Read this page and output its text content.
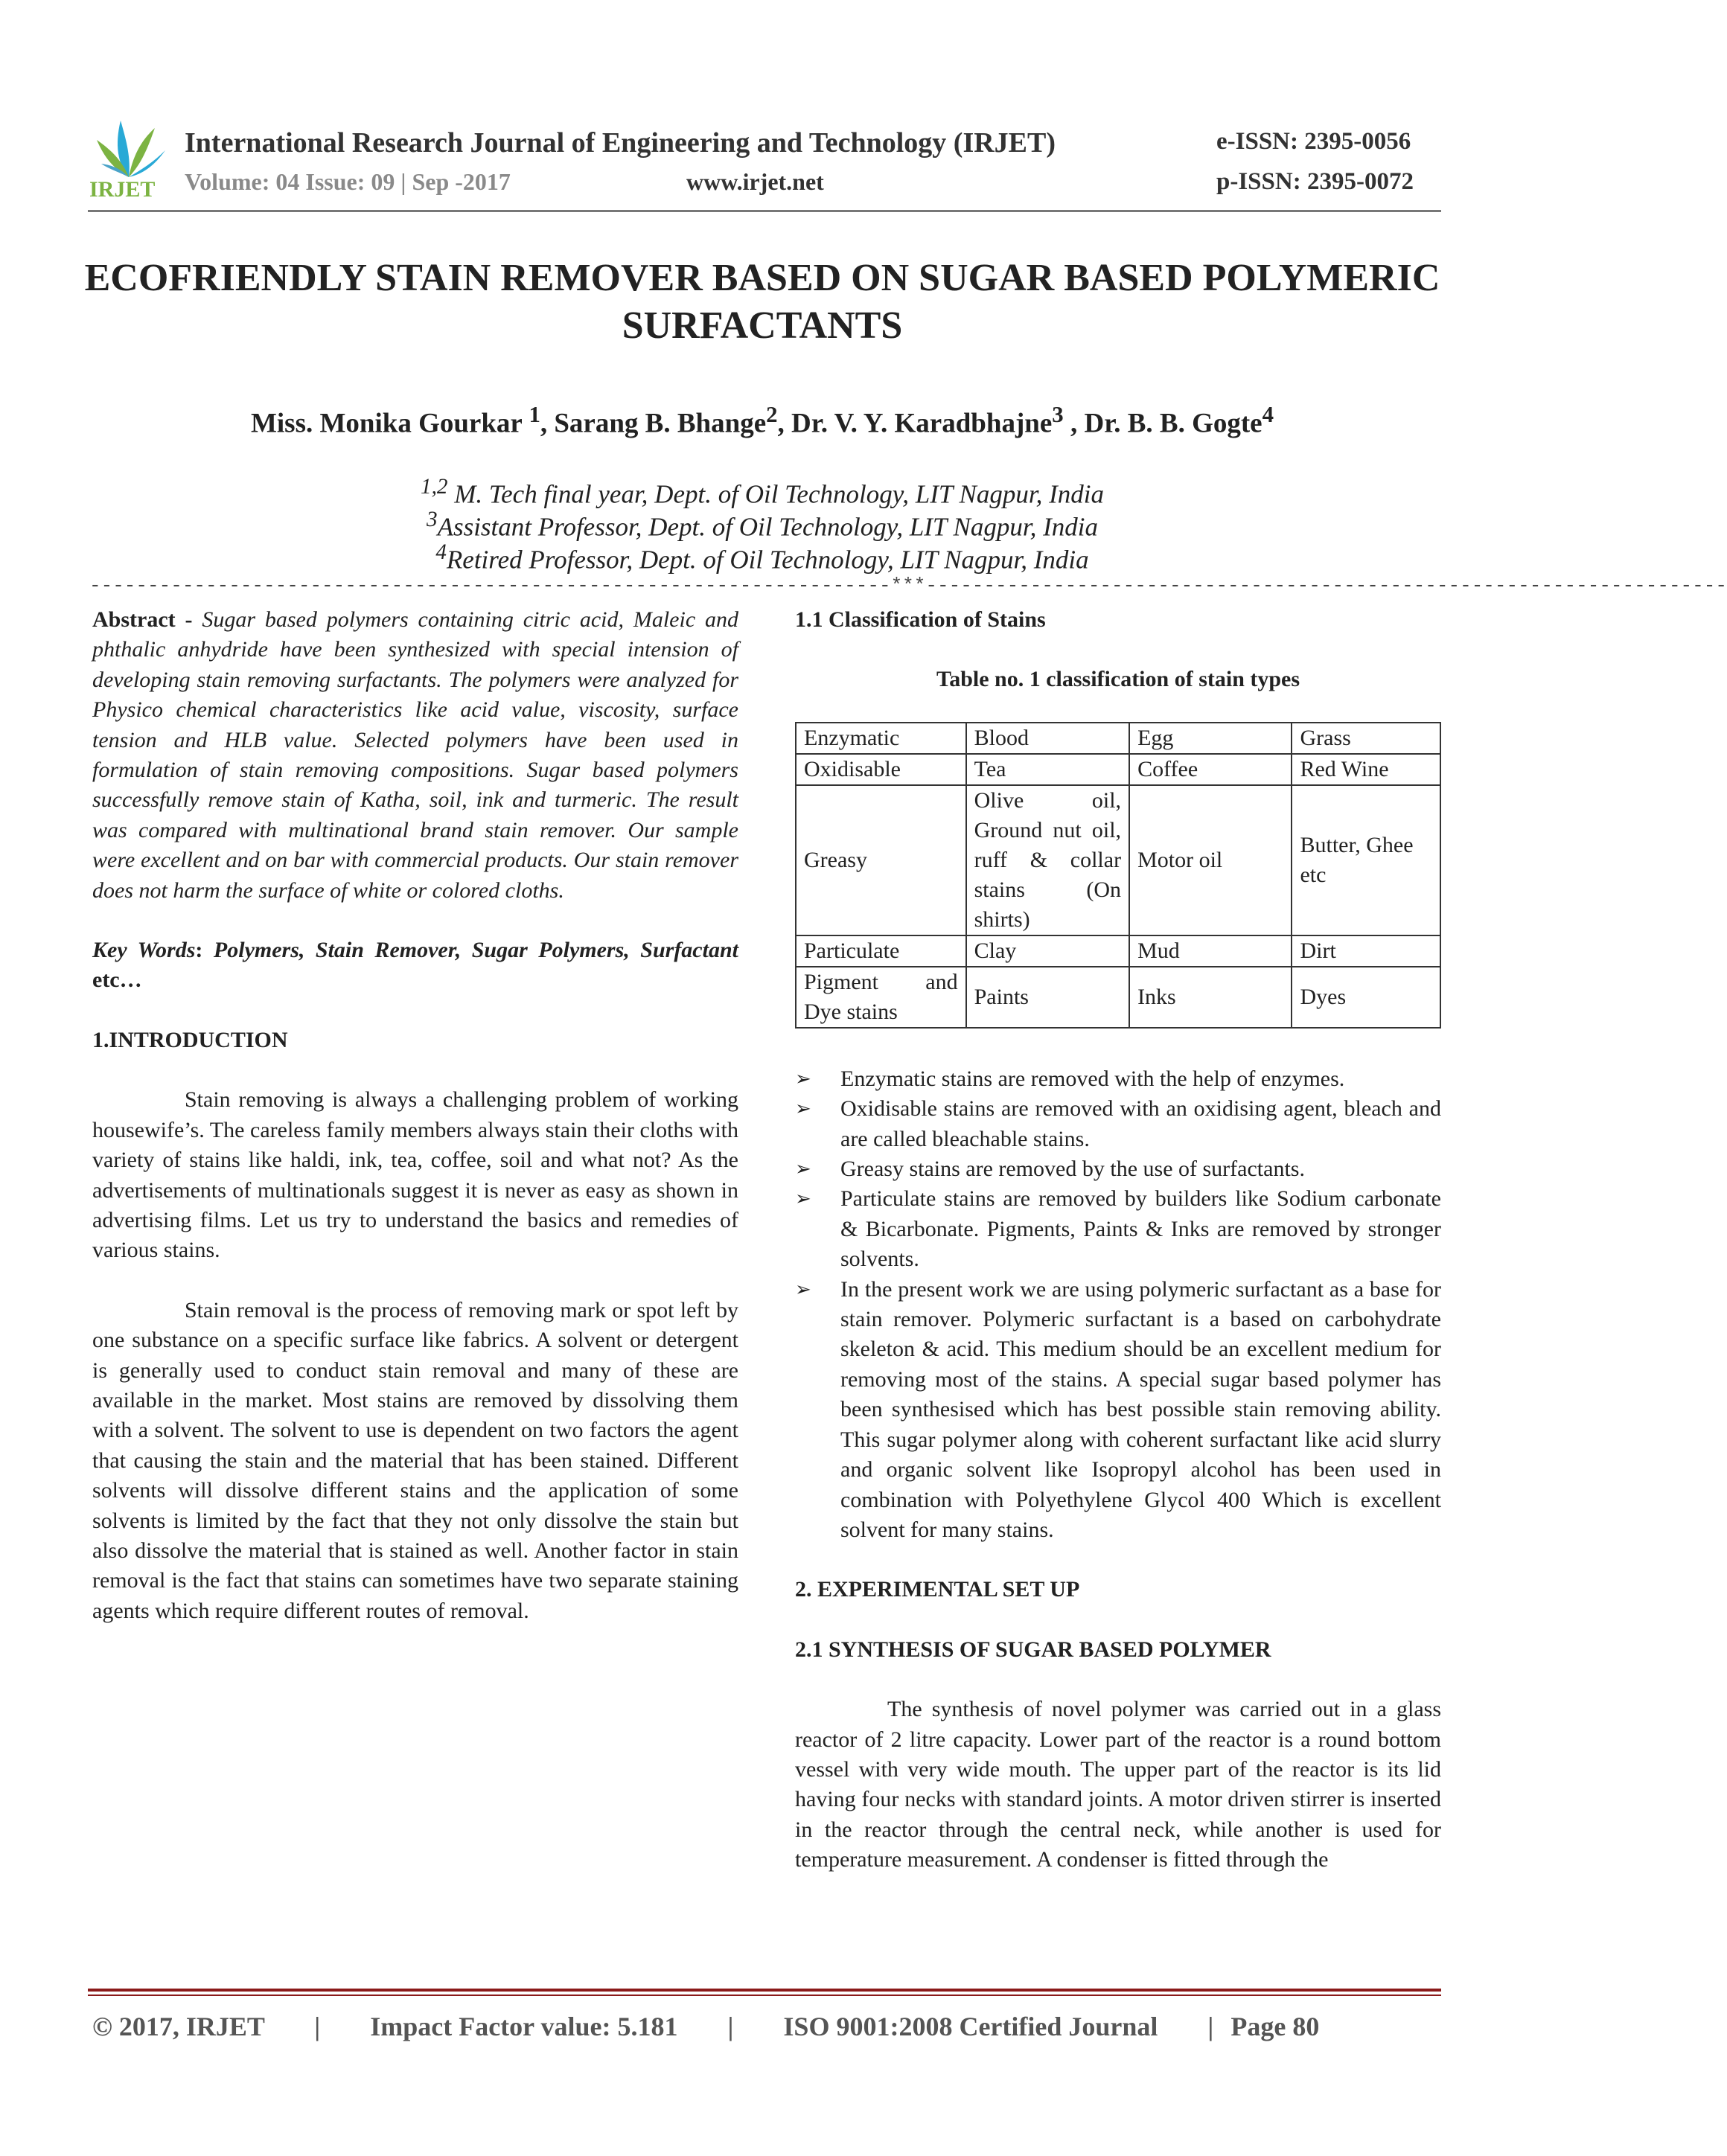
IRJET
International Research Journal of Engineering and Technology (IRJET)
Volume: 04 Issue: 09 | Sep -2017	www.irjet.net
e-ISSN: 2395-0056
p-ISSN: 2395-0072
ECOFRIENDLY STAIN REMOVER BASED ON SUGAR BASED POLYMERIC
SURFACTANTS
Miss. Monika Gourkar $^1$, Sarang B. Bhange$^2$, Dr. V. Y. Karadbhajne$^3$ , Dr. B. B. Gogte$^4$
$^{1,2}$ M. Tech final year, Dept. of Oil Technology, LIT Nagpur, India
$^3$Assistant Professor, Dept. of Oil Technology, LIT Nagpur, India
$^4$Retired Professor, Dept. of Oil Technology, LIT Nagpur, India
---------------------------------------------------------------------***---------------------------------------------------------------------

Abstract - Sugar based polymers containing citric acid, Maleic and phthalic anhydride have been synthesized with special intension of developing stain removing surfactants. The polymers were analyzed for Physico chemical characteristics like acid value, viscosity, surface tension and HLB value. Selected polymers have been used in formulation of stain removing compositions. Sugar based polymers successfully remove stain of Katha, soil, ink and turmeric. The result was compared with multinational brand stain remover. Our sample were excellent and on bar with commercial products. Our stain remover does not harm the surface of white or colored cloths.

Key Words: Polymers, Stain Remover, Sugar Polymers, Surfactant etc…

1.INTRODUCTION

Stain removing is always a challenging problem of working housewife’s. The careless family members always stain their cloths with variety of stains like haldi, ink, tea, coffee, soil and what not? As the advertisements of multinationals suggest it is never as easy as shown in advertising films. Let us try to understand the basics and remedies of various stains.

Stain removal is the process of removing mark or spot left by one substance on a specific surface like fabrics. A solvent or detergent is generally used to conduct stain removal and many of these are available in the market. Most stains are removed by dissolving them with a solvent. The solvent to use is dependent on two factors the agent that causing the stain and the material that has been stained. Different solvents will dissolve different stains and the application of some solvents is limited by the fact that they not only dissolve the stain but also dissolve the material that is stained as well. Another factor in stain removal is the fact that stains can sometimes have two separate staining agents which require different routes of removal.

1.1 Classification of Stains

Table no. 1 classification of stain types

Enzymatic	Blood	Egg	Grass
Oxidisable	Tea	Coffee	Red Wine
Greasy	Olive oil, Ground nut oil, ruff & collar stains (On shirts)	Motor oil	Butter, Ghee etc
Particulate	Clay	Mud	Dirt
Pigment and Dye stains	Paints	Inks	Dyes
➢ Enzymatic stains are removed with the help of enzymes.
➢ Oxidisable stains are removed with an oxidising agent, bleach and are called bleachable stains.
➢ Greasy stains are removed by the use of surfactants.
➢ Particulate stains are removed by builders like Sodium carbonate & Bicarbonate. Pigments, Paints & Inks are removed by stronger solvents.
➢ In the present work we are using polymeric surfactant as a base for stain remover. Polymeric surfactant is a based on carbohydrate skeleton & acid. This medium should be an excellent medium for removing most of the stains. A special sugar based polymer has been synthesised which has best possible stain removing ability. This sugar polymer along with coherent surfactant like acid slurry and organic solvent like Isopropyl alcohol has been used in combination with Polyethylene Glycol 400 Which is excellent solvent for many stains.

2. EXPERIMENTAL SET UP

2.1 SYNTHESIS OF SUGAR BASED POLYMER

The synthesis of novel polymer was carried out in a glass reactor of 2 litre capacity. Lower part of the reactor is a round bottom vessel with very wide mouth. The upper part of the reactor is its lid having four necks with standard joints. A motor driven stirrer is inserted in the reactor through the central neck, while another is used for temperature measurement. A condenser is fitted through the

© 2017, IRJET | Impact Factor value: 5.181 | ISO 9001:2008 Certified Journal | Page 80
